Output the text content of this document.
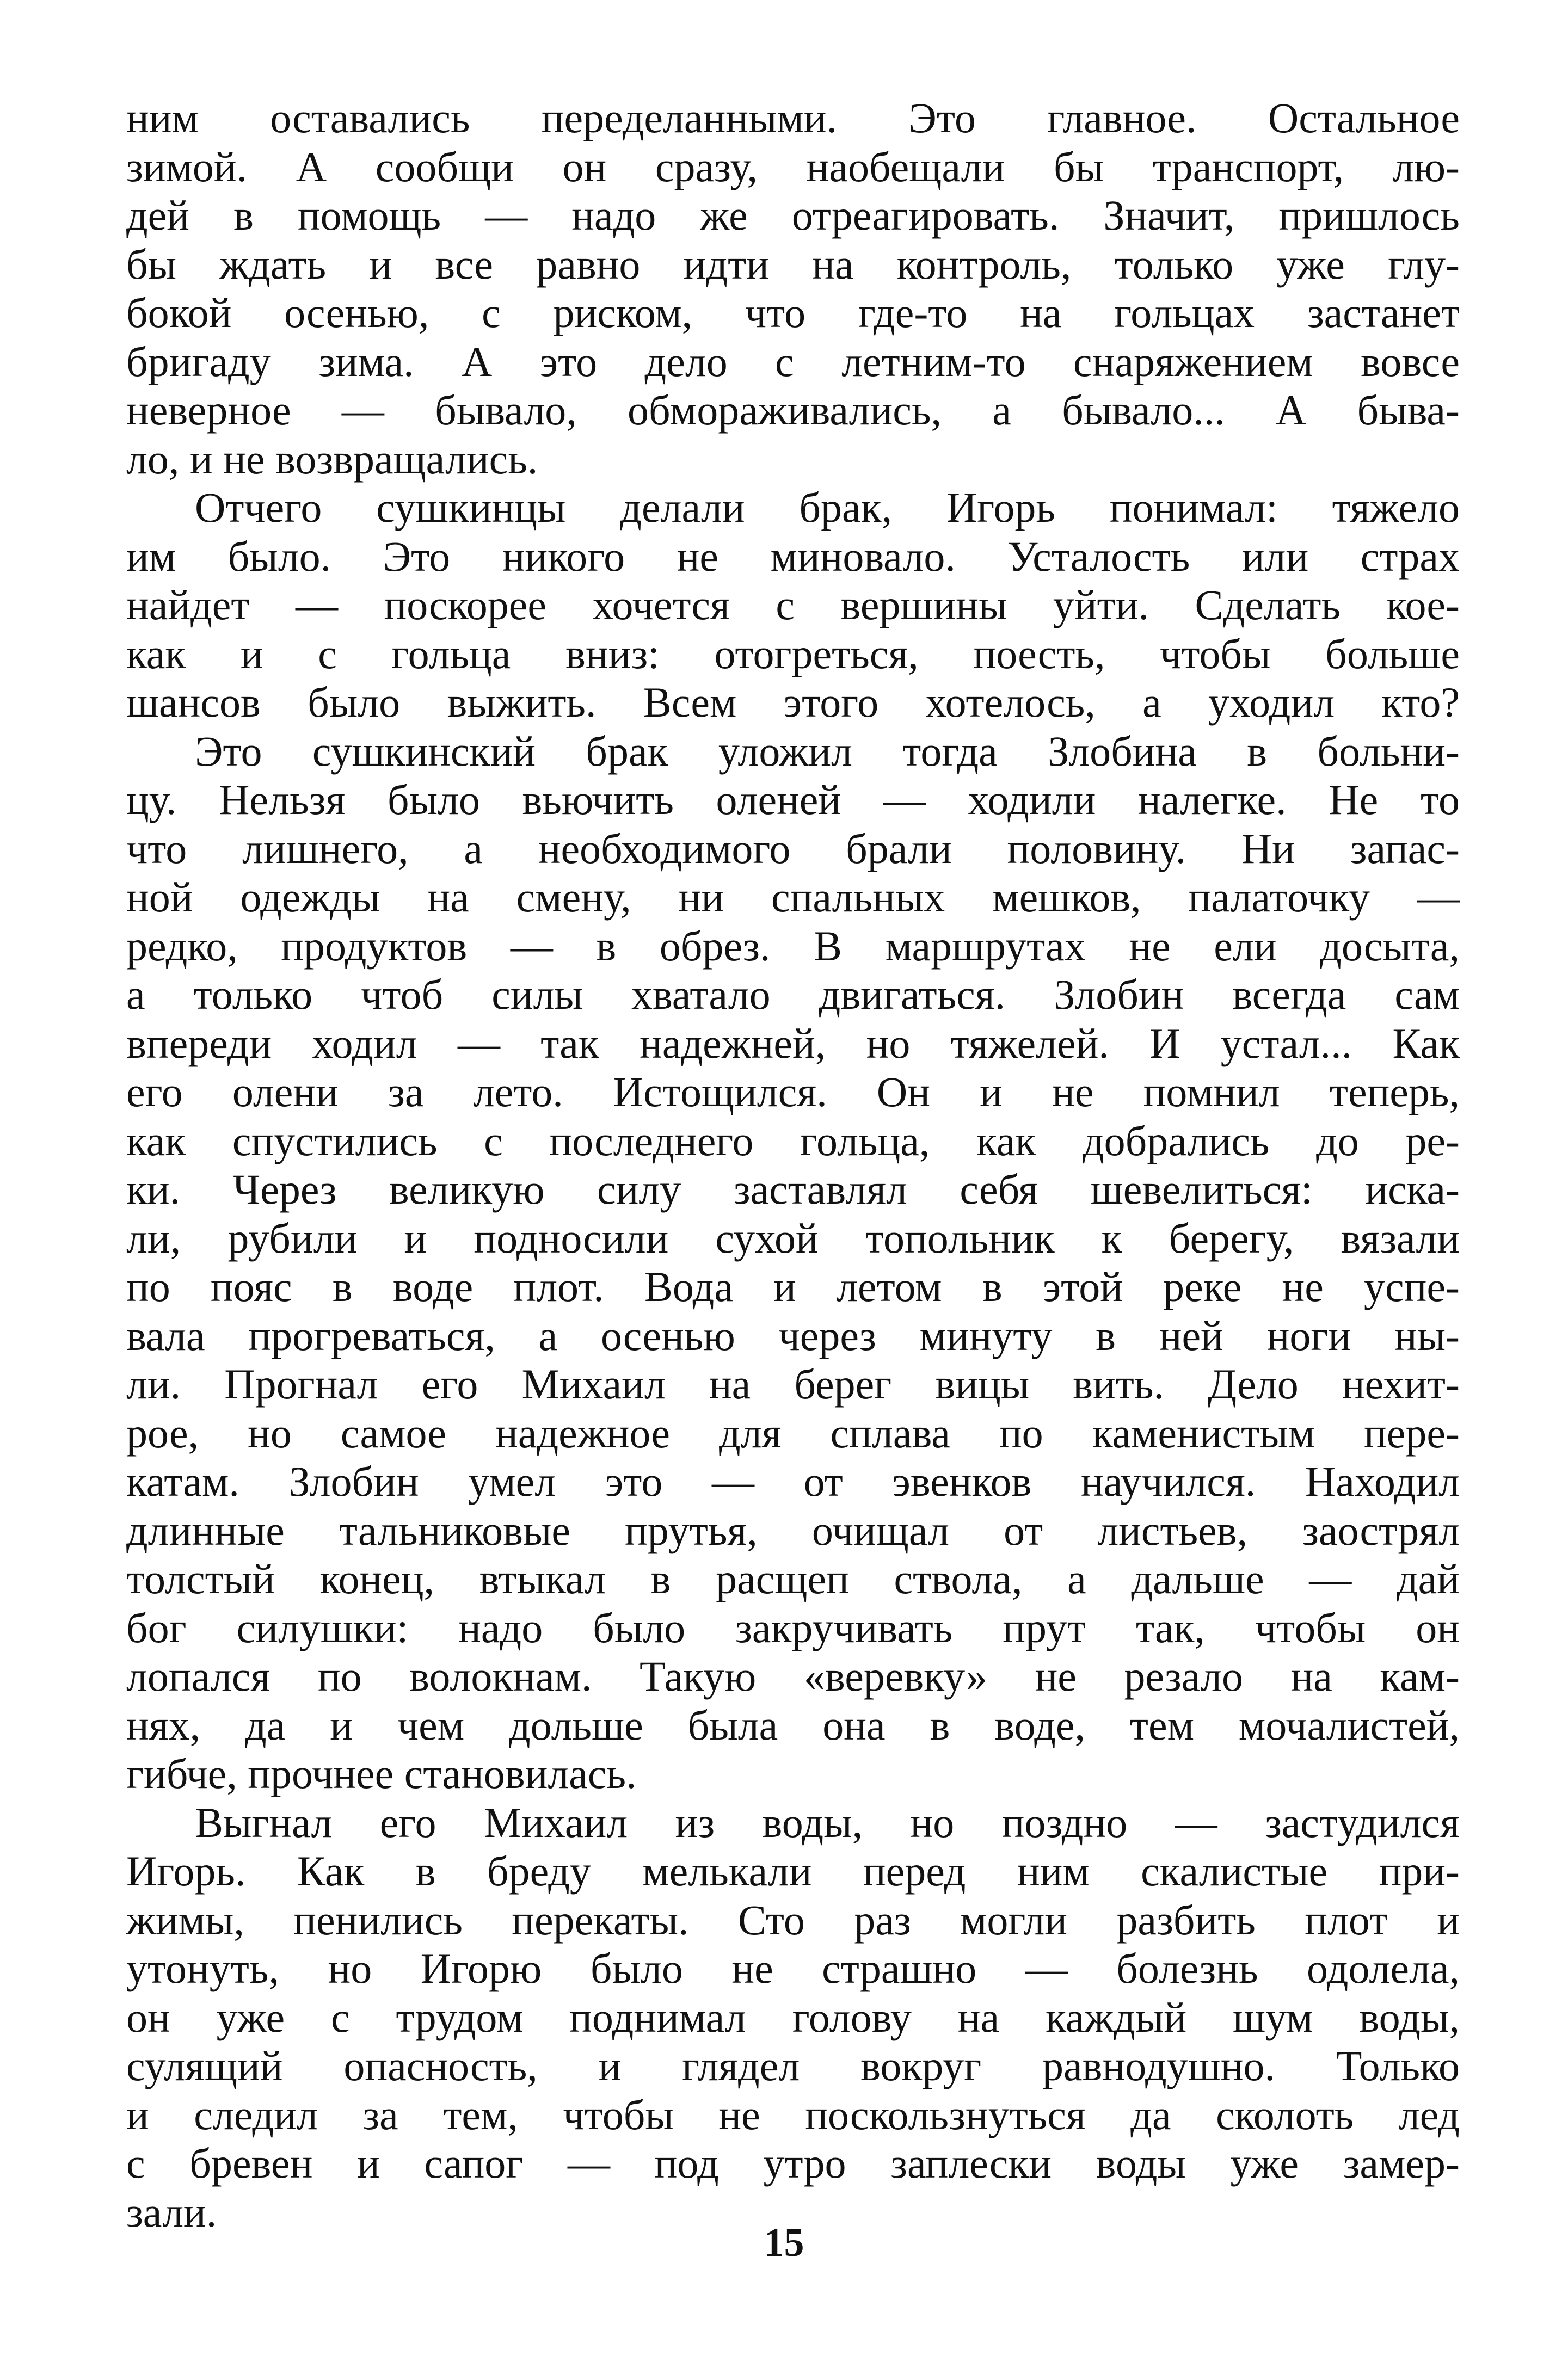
ним оставались переделанными. Это главное. Остальное
зимой. А сообщи он сразу, наобещали бы транспорт, лю-
дей в помощь — надо же отреагировать. Значит, пришлось
бы ждать и все равно идти на контроль, только уже глу-
бокой осенью, с риском, что где-то на гольцах застанет
бригаду зима. А это дело с летним-то снаряжением вовсе
неверное — бывало, обмораживались, а бывало... А быва-
ло, и не возвращались.
Отчего сушкинцы делали брак, Игорь понимал: тяжело
им было. Это никого не миновало. Усталость или страх
найдет — поскорее хочется с вершины уйти. Сделать кое-
как и с гольца вниз: отогреться, поесть, чтобы больше
шансов было выжить. Всем этого хотелось, а уходил кто?
Это сушкинский брак уложил тогда Злобина в больни-
цу. Нельзя было вьючить оленей — ходили налегке. Не то
что лишнего, а необходимого брали половину. Ни запас-
ной одежды на смену, ни спальных мешков, палаточку —
редко, продуктов — в обрез. В маршрутах не ели досыта,
а только чтоб силы хватало двигаться. Злобин всегда сам
впереди ходил — так надежней, но тяжелей. И устал... Как
его олени за лето. Истощился. Он и не помнил теперь,
как спустились с последнего гольца, как добрались до ре-
ки. Через великую силу заставлял себя шевелиться: иска-
ли, рубили и подносили сухой топольник к берегу, вязали
по пояс в воде плот. Вода и летом в этой реке не успе-
вала прогреваться, а осенью через минуту в ней ноги ны-
ли. Прогнал его Михаил на берег вицы вить. Дело нехит-
рое, но самое надежное для сплава по каменистым пере-
катам. Злобин умел это — от эвенков научился. Находил
длинные тальниковые прутья, очищал от листьев, заострял
толстый конец, втыкал в расщеп ствола, а дальше — дай
бог силушки: надо было закручивать прут так, чтобы он
лопался по волокнам. Такую «веревку» не резало на кам-
нях, да и чем дольше была она в воде, тем мочалистей,
гибче, прочнее становилась.
Выгнал его Михаил из воды, но поздно — застудился
Игорь. Как в бреду мелькали перед ним скалистые при-
жимы, пенились перекаты. Сто раз могли разбить плот и
утонуть, но Игорю было не страшно — болезнь одолела,
он уже с трудом поднимал голову на каждый шум воды,
сулящий опасность, и глядел вокруг равнодушно. Только
и следил за тем, чтобы не поскользнуться да сколоть лед
с бревен и сапог — под утро заплески воды уже замер-
зали.
15
